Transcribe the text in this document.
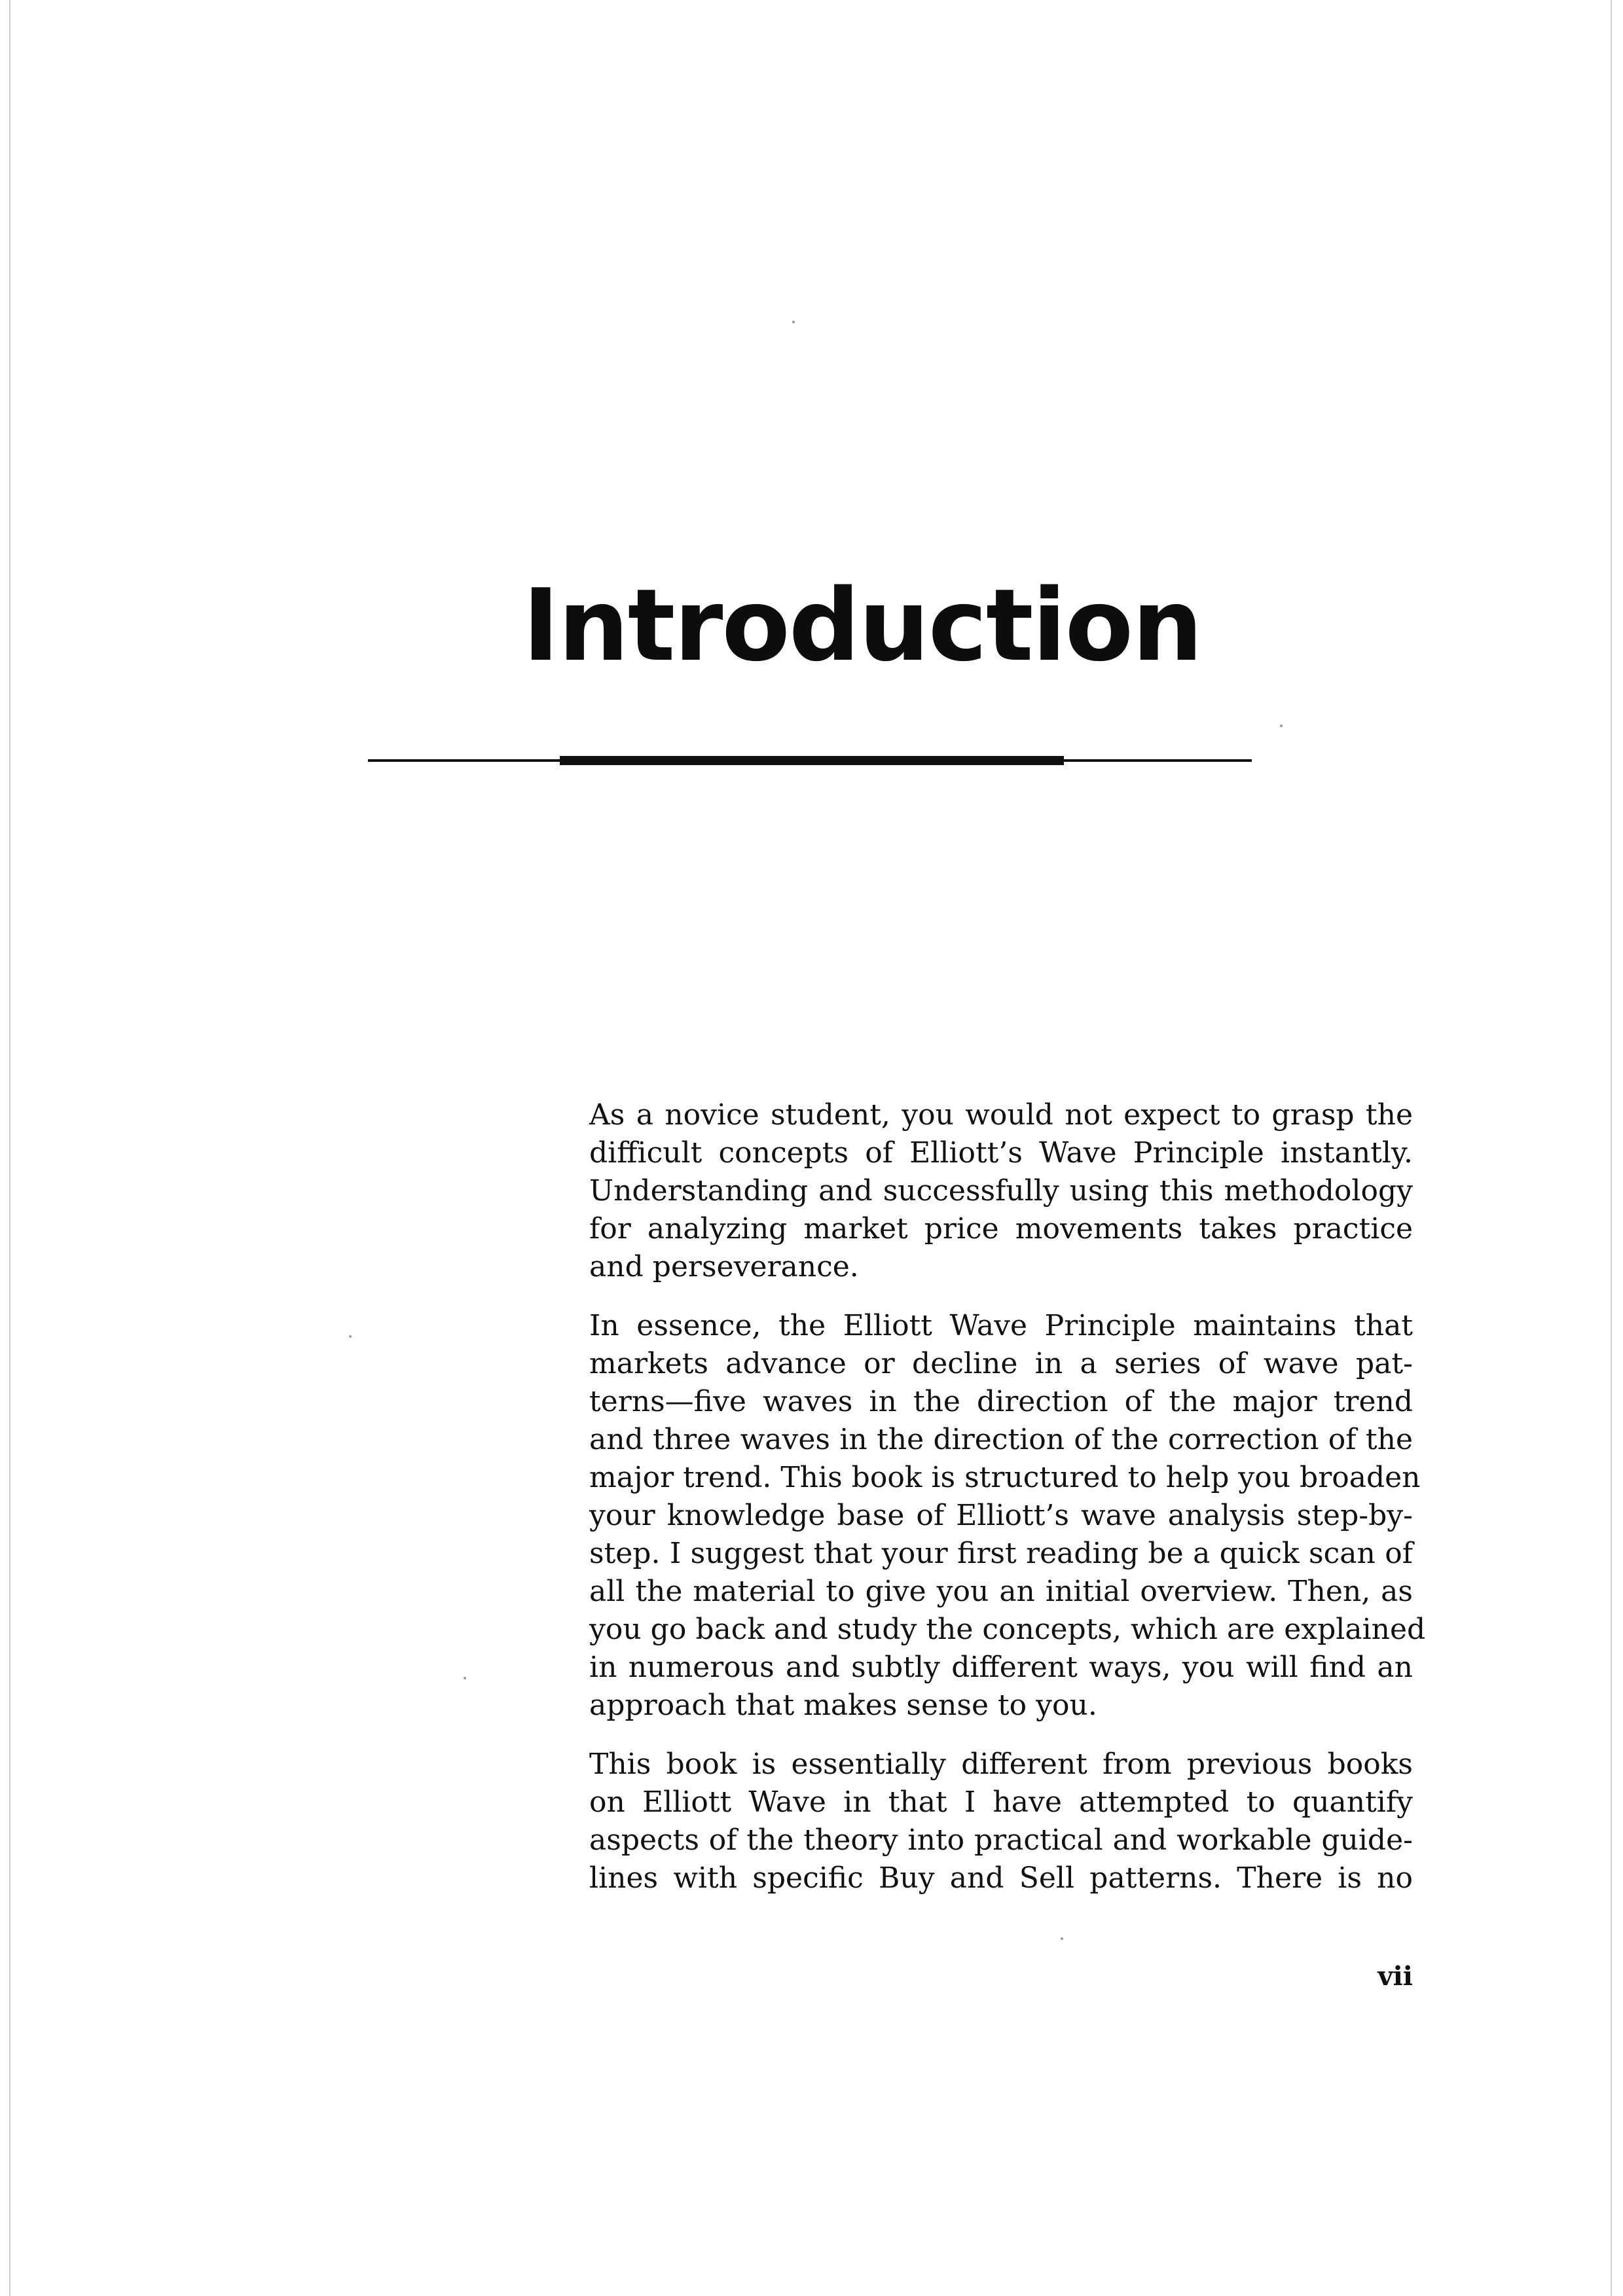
Introduction

As a novice student, you would not expect to grasp the
difficult concepts of Elliott’s Wave Principle instantly.
Understanding and successfully using this methodology
for analyzing market price movements takes practice
and perseverance.

In essence, the Elliott Wave Principle maintains that
markets advance or decline in a series of wave pat-
terns—five waves in the direction of the major trend
and three waves in the direction of the correction of the
major trend. This book is structured to help you broaden
your knowledge base of Elliott’s wave analysis step-by-
step. I suggest that your first reading be a quick scan of
all the material to give you an initial overview. Then, as
you go back and study the concepts, which are explained
in numerous and subtly different ways, you will find an
approach that makes sense to you.

This book is essentially different from previous books
on Elliott Wave in that I have attempted to quantify
aspects of the theory into practical and workable guide-
lines with specific Buy and Sell patterns. There is no

vii
